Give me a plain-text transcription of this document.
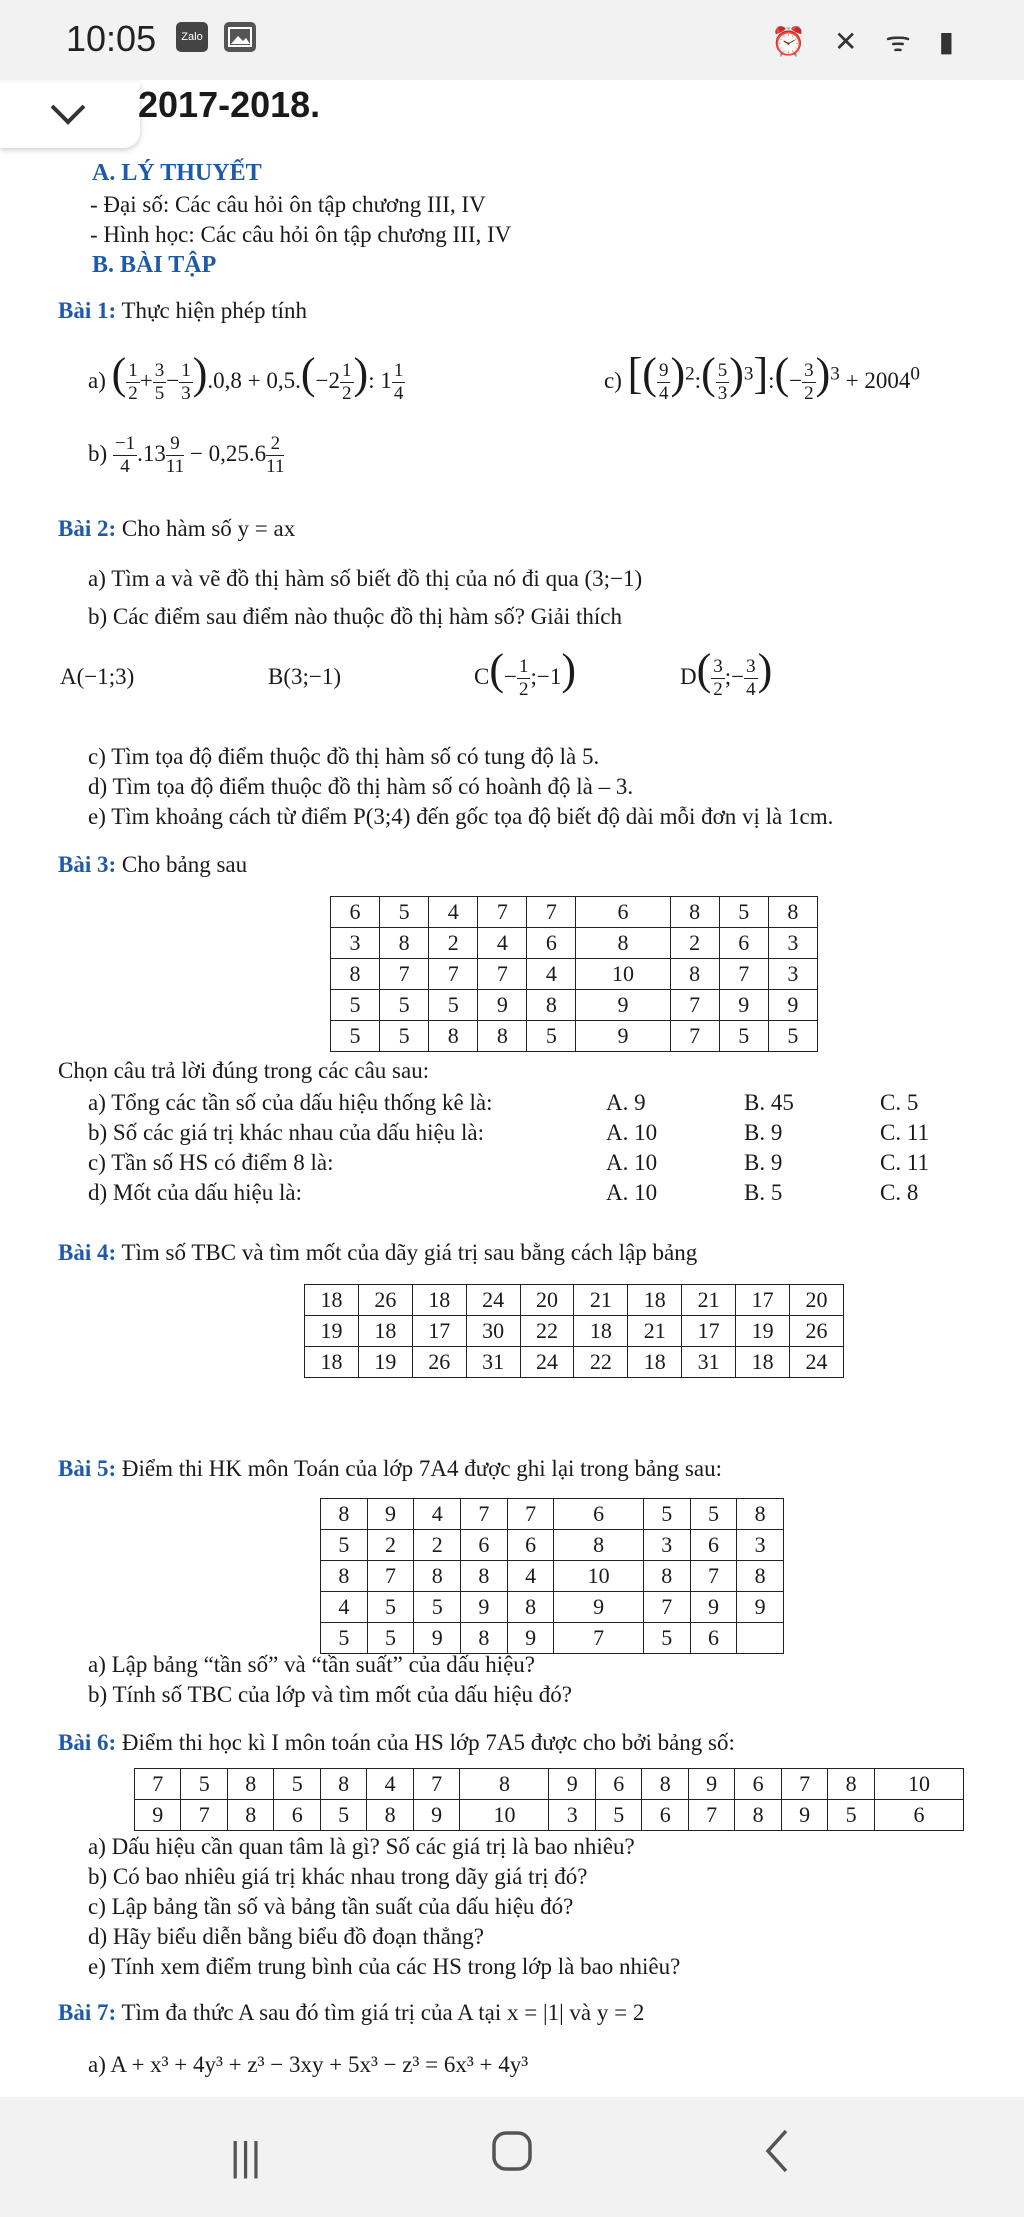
10:05	Zalo	⏰ ✕ ᯤ ▮
2017-2018.
A. LÝ THUYẾT
- Đại số: Các câu hỏi ôn tập chương III, IV
- Hình học: Các câu hỏi ôn tập chương III, IV
B. BÀI TẬP
Bài 1: Thực hiện phép tính
a) ( $\frac{1}{2} + \frac{3}{5} - \frac{1}{3} ).0,8 + 0,5.(-2 \frac{1}{2}$ ): $1 \frac{1}{4}$	c) [( $\frac{9}{4}$ )$^2$:( $\frac{5}{3}$ )$^3$]:(− $\frac{3}{2} )^3 + 2004^0$
$b) \frac{-1}{4} .13 \frac{9}{11} - 0,25.6 \frac{2}{11}$
Bài 2: Cho hàm số y = ax
a) Tìm a và vẽ đồ thị hàm số biết đồ thị của nó đi qua (3;−1)
b) Các điểm sau điểm nào thuộc đồ thị hàm số? Giải thích
A(−1;3)	B(3;−1)	$C(- \frac{1}{2}$ ;−1)	$D( \frac{3}{2}$ ;− $\frac{3}{4}$ )
c) Tìm tọa độ điểm thuộc đồ thị hàm số có tung độ là 5.
d) Tìm tọa độ điểm thuộc đồ thị hàm số có hoành độ là – 3.
e) Tìm khoảng cách từ điểm P(3;4) đến gốc tọa độ biết độ dài mỗi đơn vị là 1cm.
Bài 3: Cho bảng sau
6	5	4	7	7	6	8	5	8
3	8	2	4	6	8	2	6	3
8	7	7	7	4	10	8	7	3
5	5	5	9	8	9	7	9	9
5	5	8	8	5	9	7	5	5
Chọn câu trả lời đúng trong các câu sau:
a) Tổng các tần số của dấu hiệu thống kê là:	A. 9	B. 45	C. 5
b) Số các giá trị khác nhau của dấu hiệu là:	A. 10	B. 9	C. 11
c) Tần số HS có điểm 8 là:	A. 10	B. 9	C. 11
d) Mốt của dấu hiệu là:	A. 10	B. 5	C. 8
Bài 4: Tìm số TBC và tìm mốt của dãy giá trị sau bằng cách lập bảng
18	26	18	24	20	21	18	21	17	20
19	18	17	30	22	18	21	17	19	26
18	19	26	31	24	22	18	31	18	24
Bài 5: Điểm thi HK môn Toán của lớp 7A4 được ghi lại trong bảng sau:
8	9	4	7	7	6	5	5	8
5	2	2	6	6	8	3	6	3
8	7	8	8	4	10	8	7	8
4	5	5	9	8	9	7	9	9
5	5	9	8	9	7	5	6	
a) Lập bảng “tần số” và “tần suất” của dấu hiệu?
b) Tính số TBC của lớp và tìm mốt của dấu hiệu đó?
Bài 6: Điểm thi học kì I môn toán của HS lớp 7A5 được cho bởi bảng số:
7	5	8	5	8	4	7	8	9	6	8	9	6	7	8	10
9	7	8	6	5	8	9	10	3	5	6	7	8	9	5	6
a) Dấu hiệu cần quan tâm là gì? Số các giá trị là bao nhiêu?
b) Có bao nhiêu giá trị khác nhau trong dãy giá trị đó?
c) Lập bảng tần số và bảng tần suất của dấu hiệu đó?
d) Hãy biểu diễn bằng biểu đồ đoạn thẳng?
e) Tính xem điểm trung bình của các HS trong lớp là bao nhiêu?
Bài 7: Tìm đa thức A sau đó tìm giá trị của A tại x = |1| và y = 2
a) A + x³ + 4y³ + z³ − 3xy + 5x³ − z³ = 6x³ + 4y³
|||
